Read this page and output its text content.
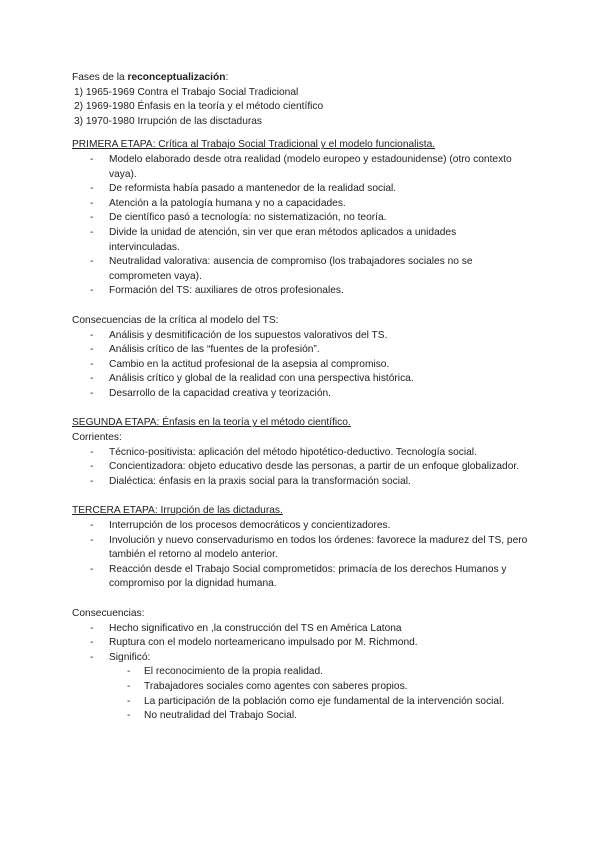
Fases de la reconceptualización:
1) 1965-1969 Contra el Trabajo Social Tradicional
2) 1969-1980 Énfasis en la teoría y el método científico
3) 1970-1980 Irrupción de las disctaduras
PRIMERA ETAPA: Crítica al Trabajo Social Tradicional y el modelo funcionalista.
- Modelo elaborado desde otra realidad (modelo europeo y estadounidense) (otro contexto vaya).
- De reformista había pasado a mantenedor de la realidad social.
- Atención a la patología humana y no a capacidades.
- De científico pasó a tecnología: no sistematización, no teoría.
- Divide la unidad de atención, sin ver que eran métodos aplicados a unidades intervinculadas.
- Neutralidad valorativa: ausencia de compromiso (los trabajadores sociales no se comprometen vaya).
- Formación del TS: auxiliares de otros profesionales.
Consecuencias de la crítica al modelo del TS:
- Análisis y desmitificación de los supuestos valorativos del TS.
- Análisis crítico de las “fuentes de la profesión”.
- Cambio en la actitud profesional de la asepsia al compromiso.
- Análisis crítico y global de la realidad con una perspectiva histórica.
- Desarrollo de la capacidad creativa y teorización.
SEGUNDA ETAPA: Énfasis en la teoría y el método científico.
Corrientes:
- Técnico-positivista: aplicación del método hipotético-deductivo. Tecnología social.
- Concientizadora: objeto educativo desde las personas, a partir de un enfoque globalizador.
- Dialéctica: énfasis en la praxis social para la transformación social.
TERCERA ETAPA: Irrupción de las dictaduras.
- Interrupción de los procesos democráticos y concientizadores.
- Involución y nuevo conservadurismo en todos los órdenes: favorece la madurez del TS, pero también el retorno al modelo anterior.
- Reacción desde el Trabajo Social comprometidos: primacía de los derechos Humanos y compromiso por la dignidad humana.
Consecuencias:
- Hecho significativo en ,la construcción del TS en América Latona
- Ruptura con el modelo norteamericano impulsado por M. Richmond.
- Significó:
- El reconocimiento de la propia realidad.
- Trabajadores sociales como agentes con saberes propios.
- La participación de la población como eje fundamental de la intervención social.
- No neutralidad del Trabajo Social.
